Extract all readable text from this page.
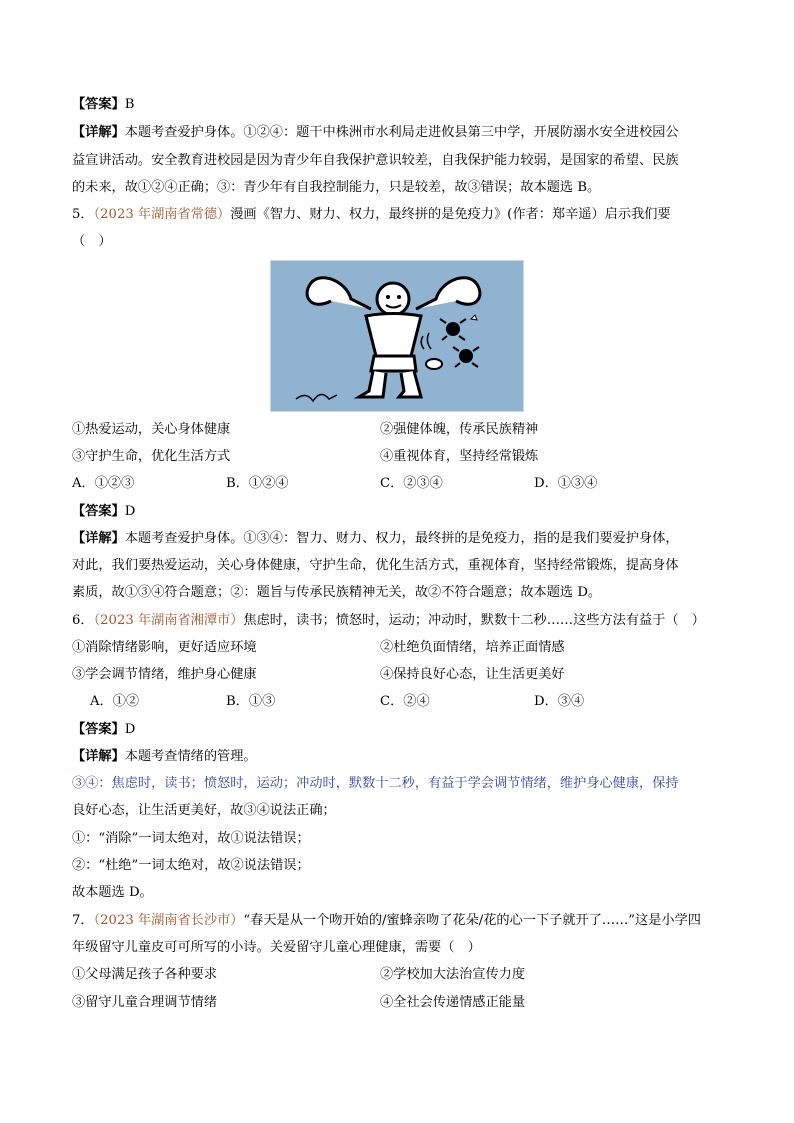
【答案】B
【详解】本题考查爱护身体。①②④：题干中株洲市水利局走进攸县第三中学，开展防溺水安全进校园公
益宣讲活动。安全教育进校园是因为青少年自我保护意识较差，自我保护能力较弱，是国家的希望、民族
的未来，故①②④正确；③：青少年有自我控制能力，只是较差，故③错误；故本题选 B。
5．（2023 年湖南省常德）漫画《智力、财力、权力，最终拼的是免疫力》(作者：郑辛遥）启示我们要
（　）
①热爱运动，关心身体健康	②强健体魄，传承民族精神
③守护生命，优化生活方式	④重视体育，坚持经常锻炼
A．①②③	B．①②④	C．②③④	D．①③④
【答案】D
【详解】本题考查爱护身体。①③④：智力、财力、权力，最终拼的是免疫力，指的是我们要爱护身体，
对此，我们要热爱运动，关心身体健康，守护生命，优化生活方式，重视体育，坚持经常锻炼，提高身体
素质，故①③④符合题意；②：题旨与传承民族精神无关，故②不符合题意；故本题选 D。
6．（2023 年湖南省湘潭市）焦虑时，读书；愤怒时，运动；冲动时，默数十二秒……这些方法有益于（　）
①消除情绪影响，更好适应环境	②杜绝负面情绪，培养正面情感
③学会调节情绪，维护身心健康	④保持良好心态，让生活更美好
A．①②	B．①③	C．②④	D．③④
【答案】D
【详解】本题考查情绪的管理。
③④：焦虑时，读书；愤怒时，运动；冲动时，默数十二秒，有益于学会调节情绪，维护身心健康，保持
良好心态，让生活更美好，故③④说法正确；
①：“消除”一词太绝对，故①说法错误；
②：“杜绝”一词太绝对，故②说法错误；
故本题选 D。
7．（2023 年湖南省长沙市）“春天是从一个吻开始的/蜜蜂亲吻了花朵/花的心一下子就开了……”这是小学四
年级留守儿童皮可可所写的小诗。关爱留守儿童心理健康，需要（　）
①父母满足孩子各种要求	②学校加大法治宣传力度
③留守儿童合理调节情绪	④全社会传递情感正能量
